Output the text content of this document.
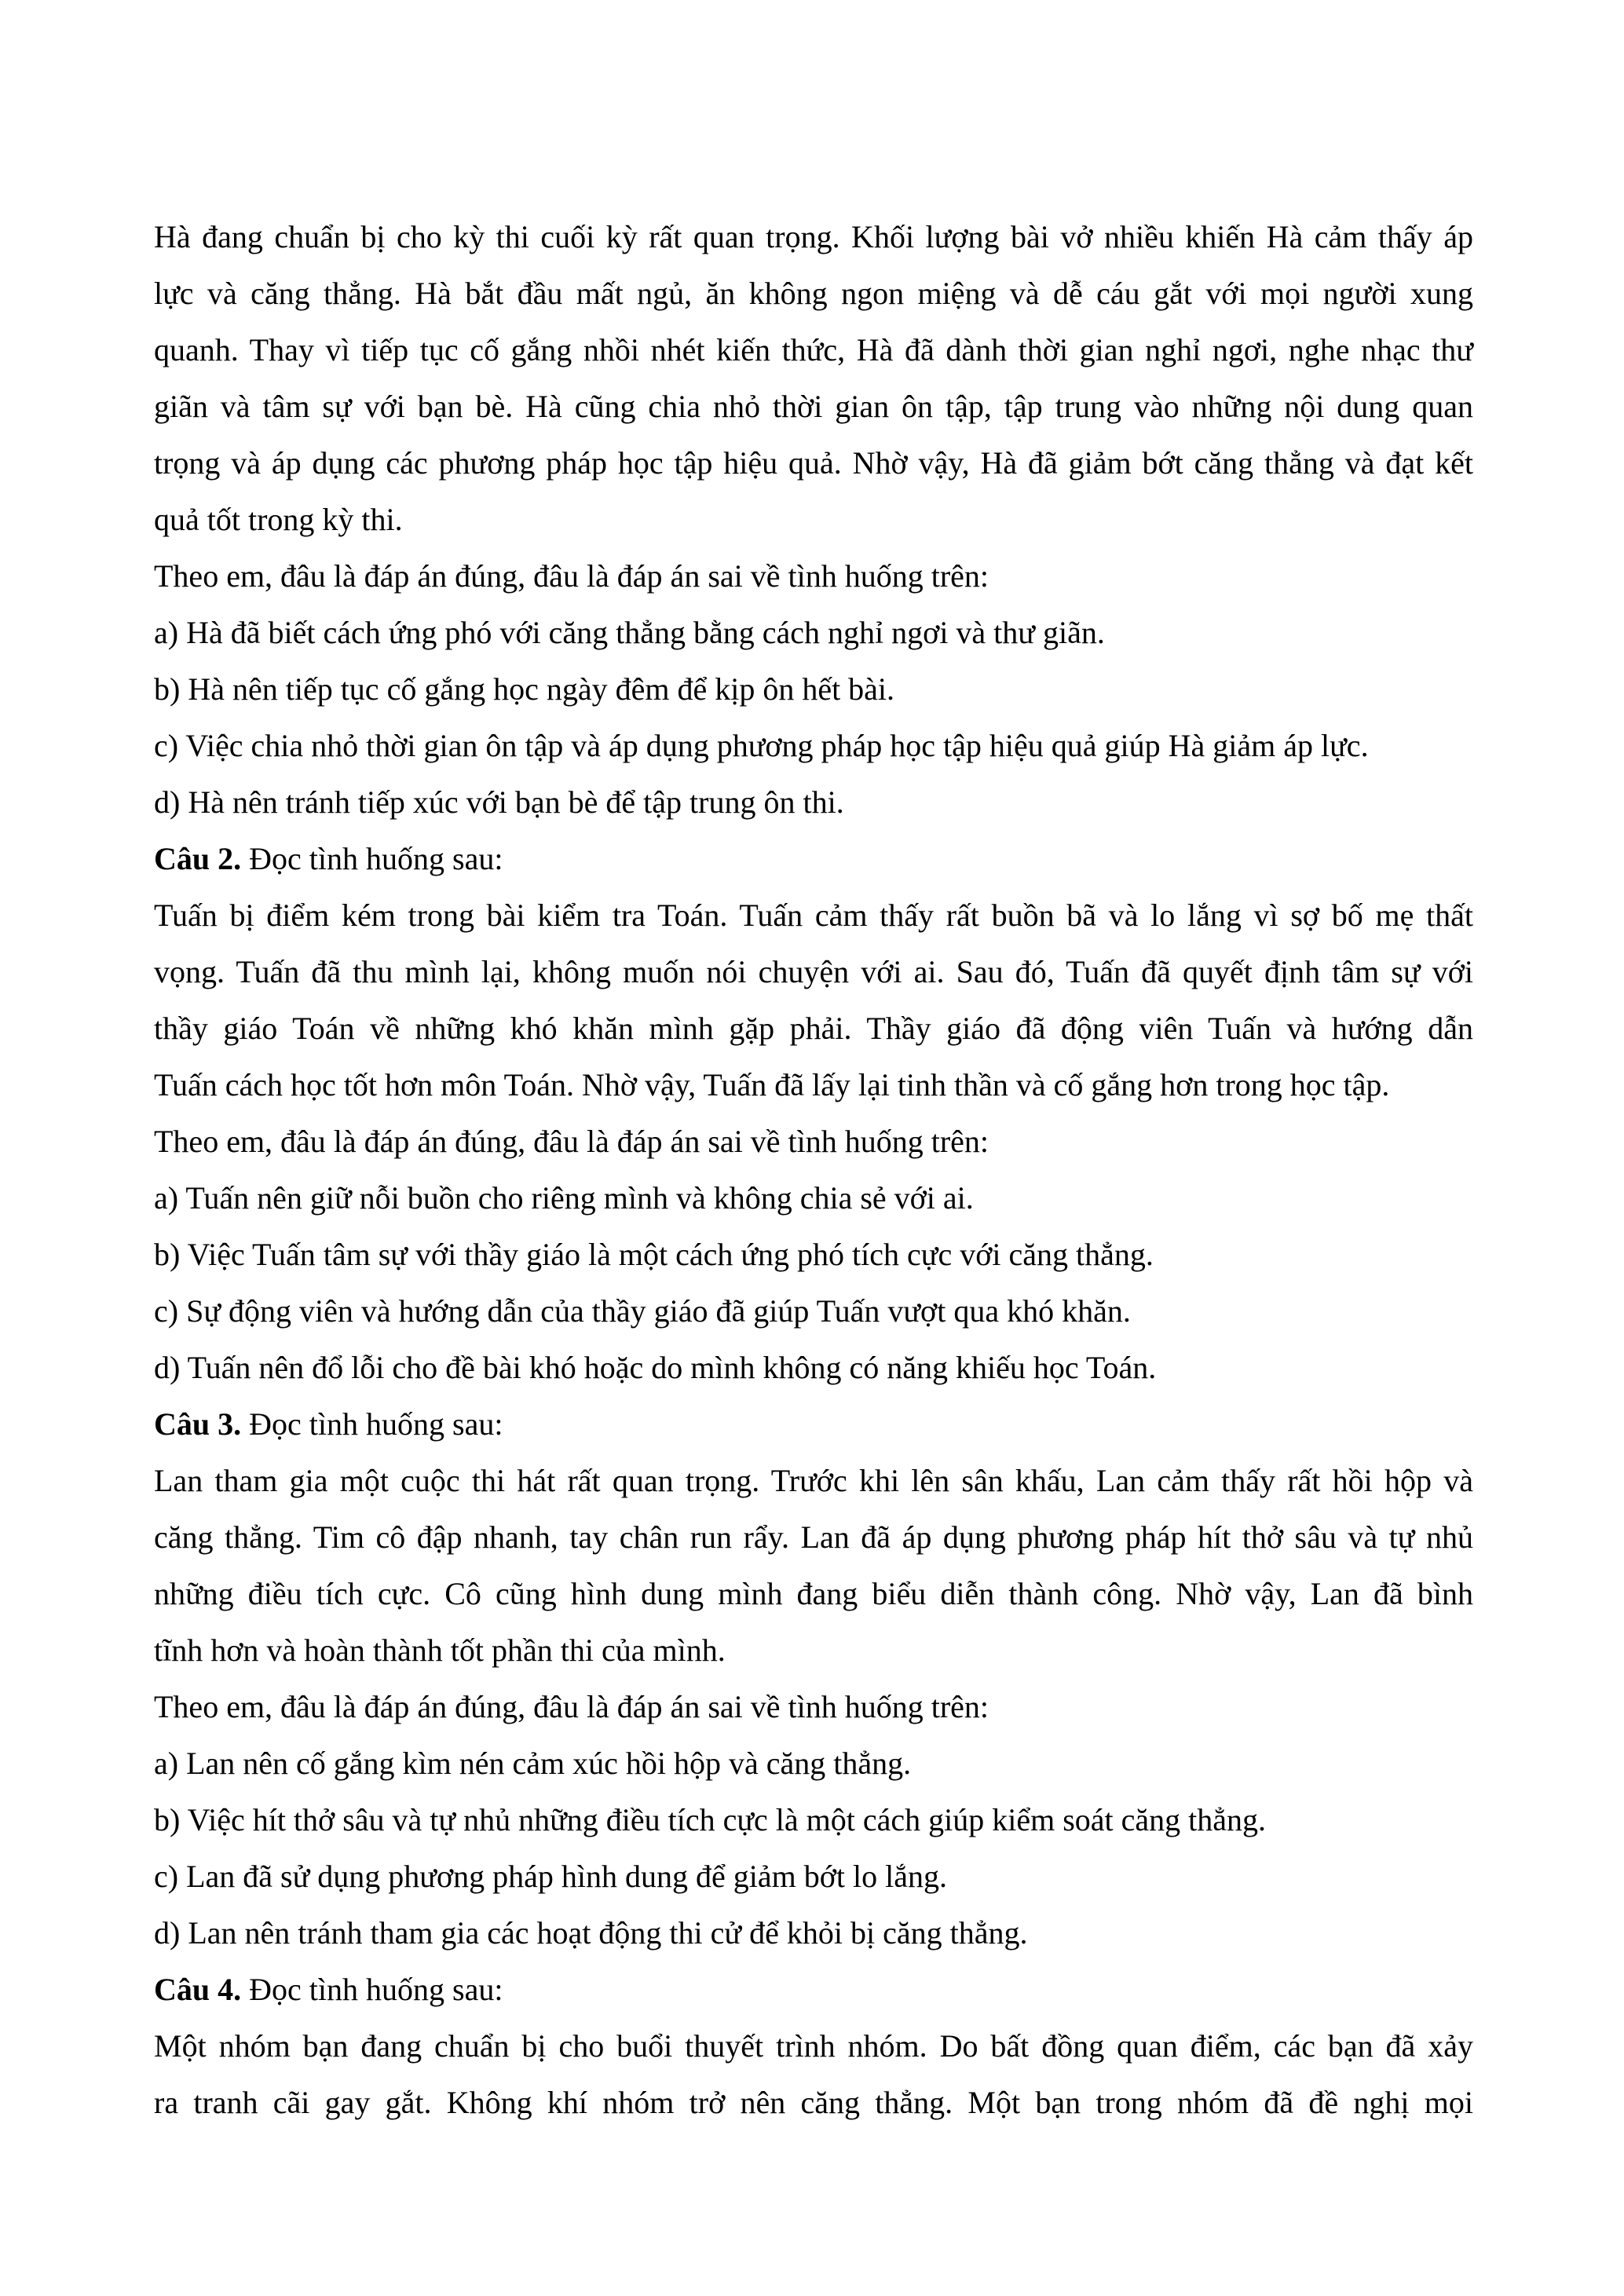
Hà đang chuẩn bị cho kỳ thi cuối kỳ rất quan trọng. Khối lượng bài vở nhiều khiến Hà cảm thấy áp
lực và căng thẳng. Hà bắt đầu mất ngủ, ăn không ngon miệng và dễ cáu gắt với mọi người xung
quanh. Thay vì tiếp tục cố gắng nhồi nhét kiến thức, Hà đã dành thời gian nghỉ ngơi, nghe nhạc thư
giãn và tâm sự với bạn bè. Hà cũng chia nhỏ thời gian ôn tập, tập trung vào những nội dung quan
trọng và áp dụng các phương pháp học tập hiệu quả. Nhờ vậy, Hà đã giảm bớt căng thẳng và đạt kết
quả tốt trong kỳ thi.
Theo em, đâu là đáp án đúng, đâu là đáp án sai về tình huống trên:
a) Hà đã biết cách ứng phó với căng thẳng bằng cách nghỉ ngơi và thư giãn.
b) Hà nên tiếp tục cố gắng học ngày đêm để kịp ôn hết bài.
c) Việc chia nhỏ thời gian ôn tập và áp dụng phương pháp học tập hiệu quả giúp Hà giảm áp lực.
d) Hà nên tránh tiếp xúc với bạn bè để tập trung ôn thi.
Câu 2. Đọc tình huống sau:
Tuấn bị điểm kém trong bài kiểm tra Toán. Tuấn cảm thấy rất buồn bã và lo lắng vì sợ bố mẹ thất
vọng. Tuấn đã thu mình lại, không muốn nói chuyện với ai. Sau đó, Tuấn đã quyết định tâm sự với
thầy giáo Toán về những khó khăn mình gặp phải. Thầy giáo đã động viên Tuấn và hướng dẫn
Tuấn cách học tốt hơn môn Toán. Nhờ vậy, Tuấn đã lấy lại tinh thần và cố gắng hơn trong học tập.
Theo em, đâu là đáp án đúng, đâu là đáp án sai về tình huống trên:
a) Tuấn nên giữ nỗi buồn cho riêng mình và không chia sẻ với ai.
b) Việc Tuấn tâm sự với thầy giáo là một cách ứng phó tích cực với căng thẳng.
c) Sự động viên và hướng dẫn của thầy giáo đã giúp Tuấn vượt qua khó khăn.
d) Tuấn nên đổ lỗi cho đề bài khó hoặc do mình không có năng khiếu học Toán.
Câu 3. Đọc tình huống sau:
Lan tham gia một cuộc thi hát rất quan trọng. Trước khi lên sân khấu, Lan cảm thấy rất hồi hộp và
căng thẳng. Tim cô đập nhanh, tay chân run rẩy. Lan đã áp dụng phương pháp hít thở sâu và tự nhủ
những điều tích cực. Cô cũng hình dung mình đang biểu diễn thành công. Nhờ vậy, Lan đã bình
tĩnh hơn và hoàn thành tốt phần thi của mình.
Theo em, đâu là đáp án đúng, đâu là đáp án sai về tình huống trên:
a) Lan nên cố gắng kìm nén cảm xúc hồi hộp và căng thẳng.
b) Việc hít thở sâu và tự nhủ những điều tích cực là một cách giúp kiểm soát căng thẳng.
c) Lan đã sử dụng phương pháp hình dung để giảm bớt lo lắng.
d) Lan nên tránh tham gia các hoạt động thi cử để khỏi bị căng thẳng.
Câu 4. Đọc tình huống sau:
Một nhóm bạn đang chuẩn bị cho buổi thuyết trình nhóm. Do bất đồng quan điểm, các bạn đã xảy
ra tranh cãi gay gắt. Không khí nhóm trở nên căng thẳng. Một bạn trong nhóm đã đề nghị mọi
